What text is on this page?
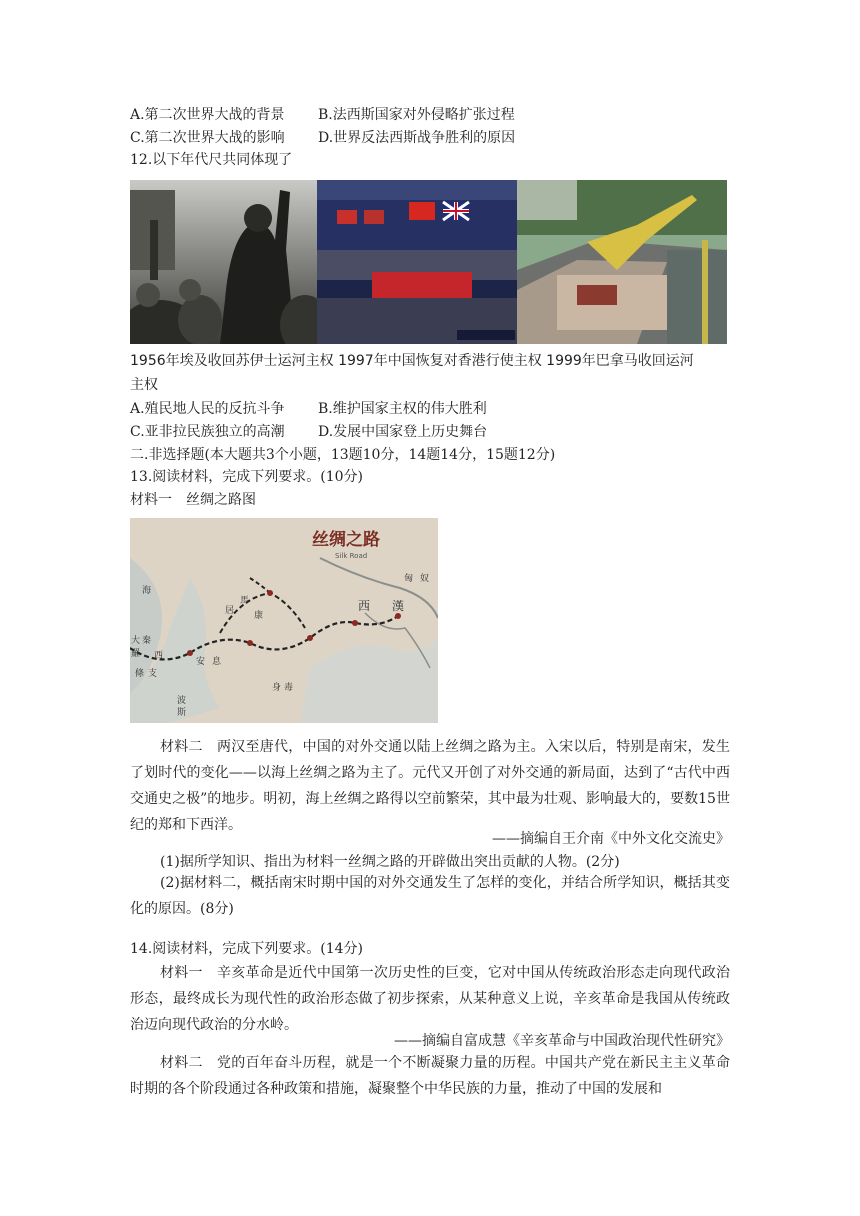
A.第二次世界大战的背景 B.法西斯国家对外侵略扩张过程
C.第二次世界大战的影响 D.世界反法西斯战争胜利的原因
12.以下年代尺共同体现了
1956年埃及收回苏伊士运河主权 1997年中国恢复对香港行使主权 1999年巴拿马收回运河
主权
A.殖民地人民的反抗斗争 B.维护国家主权的伟大胜利
C.亚非拉民族独立的高潮 D.发展中国家登上历史舞台
二.非选择题(本大题共3个小题，13题10分，14题14分，15题12分)
13.阅读材料，完成下列要求。(10分)
材料一　丝绸之路图
丝绸之路
Silk Road
海
匈 奴
西 漢
康
安 息
條 支
身 毒
大 秦
羅 西
居
波
斯
馬
材料二　两汉至唐代，中国的对外交通以陆上丝绸之路为主。入宋以后，特别是南宋，发生了划时代的变化——以海上丝绸之路为主了。元代又开创了对外交通的新局面，达到了“古代中西交通史之极”的地步。明初，海上丝绸之路得以空前繁荣，其中最为壮观、影响最大的，要数15世纪的郑和下西洋。
——摘编自王介南《中外文化交流史》
(1)据所学知识、指出为材料一丝绸之路的开辟做出突出贡献的人物。(2分)
(2)据材料二，概括南宋时期中国的对外交通发生了怎样的变化，并结合所学知识，概括其变化的原因。(8分)
14.阅读材料，完成下列要求。(14分)
材料一　辛亥革命是近代中国第一次历史性的巨变，它对中国从传统政治形态走向现代政治形态，最终成长为现代性的政治形态做了初步探索，从某种意义上说，辛亥革命是我国从传统政治迈向现代政治的分水岭。
——摘编自富成慧《辛亥革命与中国政治现代性研究》
材料二　党的百年奋斗历程，就是一个不断凝聚力量的历程。中国共产党在新民主主义革命时期的各个阶段通过各种政策和措施，凝聚整个中华民族的力量，推动了中国的发展和
